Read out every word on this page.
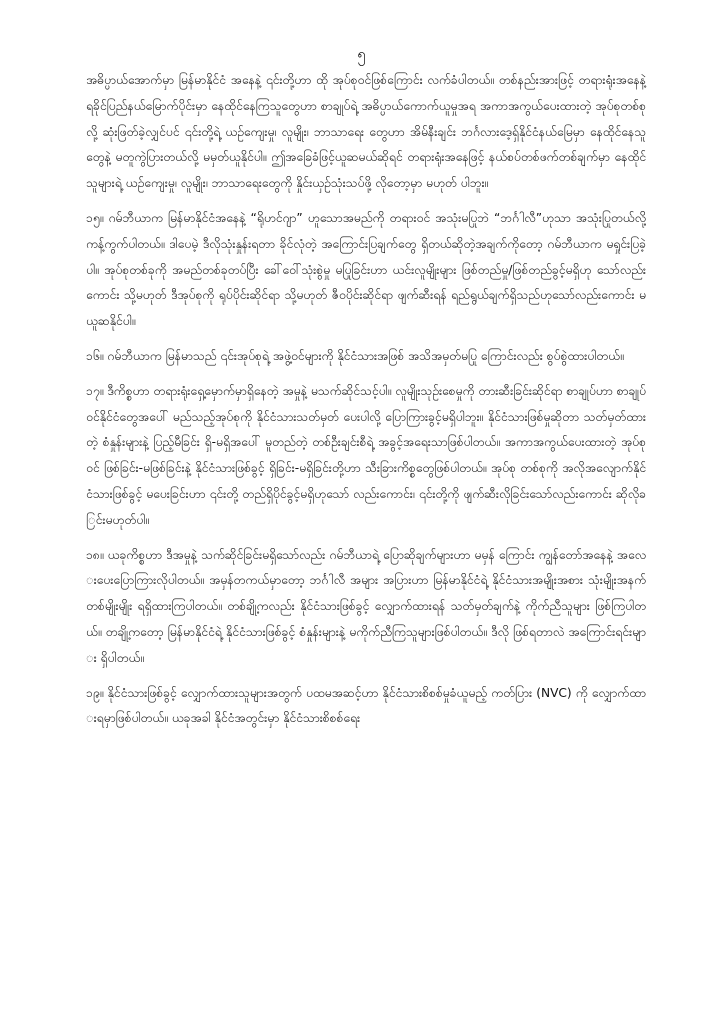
၅

အဓိပ္ပာယ်အောက်မှာ မြန်မာနိုင်ငံ အနေနဲ့ ၎င်းတို့ဟာ ထို အုပ်စုဝင်ဖြစ်ကြောင်း လက်ခံပါတယ်။ တစ်နည်းအားဖြင့် တရားရုံးအနေနဲ့ ရခိုင်ပြည်နယ်မြောက်ပိုင်းမှာ နေထိုင်နေကြသူတွေဟာ စာချုပ်ရဲ့ အဓိပ္ပာယ်ကောက်ယူမှုအရ အကာအကွယ်ပေးထားတဲ့ အုပ်စုတစ်စုလို့ ဆုံးဖြတ်ခဲ့လျှင်ပင် ၎င်းတို့ရဲ့ ယဉ်ကျေးမှု၊ လူမျိုး၊ ဘာသာရေး တွေဟာ အိမ်နီးချင်း ဘင်္ဂလားဒေ့ရှ်နိုင်ငံနယ်မြေမှာ နေထိုင်နေသူတွေနဲ့ မတူကွဲပြားတယ်လို့ မမှတ်ယူနိုင်ပါ။ ဤအခြေခံဖြင့်ယူဆမယ်ဆိုရင် တရားရုံးအနေဖြင့် နယ်စပ်တစ်ဖက်တစ်ချက်မှာ နေထိုင်သူများရဲ့ ယဉ်ကျေးမှု၊ လူမျိုး၊ ဘာသာရေးတွေကို နှိုင်းယှဉ်သုံးသပ်ဖို့ လိုတော့မှာ မဟုတ် ပါဘူး။

၁၅။ ဂမ်ဘီယာက မြန်မာနိုင်ငံအနေနဲ့ “ရိုဟင်ဂျာ” ဟူသောအမည်ကို တရားဝင် အသုံးမပြုဘဲ “ဘင်္ဂါလီ”ဟုသာ အသုံးပြုတယ်လို့ ကန့်ကွက်ပါတယ်။ ဒါပေမဲ့ ဒီလိုသုံးနှုန်းရတာ ခိုင်လုံတဲ့ အကြောင်းပြချက်တွေ ရှိတယ်ဆိုတဲ့အချက်ကိုတော့ ဂမ်ဘီယာက မရှုင်းပြခဲ့ပါ။ အုပ်စုတစ်ခုကို အမည်တစ်ခုတပ်ပြီး ခေါ်ဝေါ်သုံးစွဲမှု မပြုခြင်းဟာ ယင်းလူမျိုးများ ဖြစ်တည်မှု/ဖြစ်တည်ခွင့်မရှိဟု သော်လည်းကောင်း သို့မဟုတ် ဒီအုပ်စုကို ရုပ်ပိုင်းဆိုင်ရာ သို့မဟုတ် ဇီဝပိုင်းဆိုင်ရာ ဖျက်ဆီးရန် ရည်ရွယ်ချက်ရှိသည်ဟုသော်လည်းကောင်း မယူဆနိုင်ပါ။

၁၆။ ဂမ်ဘီယာက မြန်မာသည် ၎င်းအုပ်စုရဲ့ အဖွဲ့ဝင်များကို နိုင်ငံသားအဖြစ် အသိအမှတ်မပြု ကြောင်းလည်း စွပ်စွဲထားပါတယ်။

၁၇။ ဒီကိစ္စဟာ တရားရုံးရှေ့မှောက်မှာရှိနေတဲ့ အမှုနဲ့ မသက်ဆိုင်သင့်ပါ။ လူမျိုးသုဉ်းစေမှုကို တားဆီးခြင်းဆိုင်ရာ စာချုပ်ဟာ စာချုပ်ဝင်နိုင်ငံတွေအပေါ် မည်သည့်အုပ်စုကို နိုင်ငံသားသတ်မှတ် ပေးပါလို့ ပြောကြားခွင့်မရှိပါဘူး။ နိုင်ငံသားဖြစ်မှုဆိုတာ သတ်မှတ်ထားတဲ့ စံနှုန်းများနဲ့ ပြည့်မီခြင်း ရှိ-မရှိအပေါ် မူတည်တဲ့ တစ်ဦးချင်းစီရဲ့ အခွင့်အရေးသာဖြစ်ပါတယ်။ အကာအကွယ်ပေးထားတဲ့ အုပ်စု ဝင် ဖြစ်ခြင်း-မဖြစ်ခြင်းနဲ့ နိုင်ငံသားဖြစ်ခွင့် ရှိခြင်း-မရှိခြင်းတို့ဟာ သီးခြားကိစ္စတွေဖြစ်ပါတယ်။ အုပ်စု တစ်စုကို အလိုအလျောက်နိုင်ငံသားဖြစ်ခွင့် မပေးခြင်းဟာ ၎င်းတို့ တည်ရှိပိုင်ခွင့်မရှိဟုသော် လည်းကောင်း၊ ၎င်းတို့ကို ဖျက်ဆီးလိုခြင်းသော်လည်းကောင်း ဆိုလိုခြင်းမဟုတ်ပါ။

၁၈။ ယခုကိစ္စဟာ ဒီအမှုနဲ့ သက်ဆိုင်ခြင်းမရှိသော်လည်း ဂမ်ဘီယာရဲ့ ပြောဆိုချက်များဟာ မမှန် ကြောင်း ကျွန်တော်အနေနဲ့ အလေးပေးပြောကြားလိုပါတယ်။ အမှန်တကယ်မှာတော့ ဘင်္ဂါလီ အများ အပြားဟာ မြန်မာနိုင်ငံရဲ့ နိုင်ငံသားအမျိုးအစား သုံးမျိုးအနက် တစ်မျိုးမျိုး ရရှိထားကြပါတယ်။ တစ်ချို့ကလည်း နိုင်ငံသားဖြစ်ခွင့် လျှောက်ထားရန် သတ်မှတ်ချက်နဲ့ ကိုက်ညီသူများ ဖြစ်ကြပါတယ်။ တချို့ကတော့ မြန်မာနိုင်ငံရဲ့ နိုင်ငံသားဖြစ်ခွင့် စံနှုန်းများနဲ့ မကိုက်ညီကြသူများဖြစ်ပါတယ်။ ဒီလို ဖြစ်ရတာလဲ အကြောင်းရင်းများ ရှိပါတယ်။

၁၉။ နိုင်ငံသားဖြစ်ခွင့် လျှောက်ထားသူများအတွက် ပထမအဆင့်ဟာ နိုင်ငံသားစိစစ်မှုခံယူမည့် ကတ်ပြား (NVC) ကို လျှောက်ထားရမှာဖြစ်ပါတယ်။ ယခုအခါ နိုင်ငံအတွင်းမှာ နိုင်ငံသားစိစစ်ရေး
